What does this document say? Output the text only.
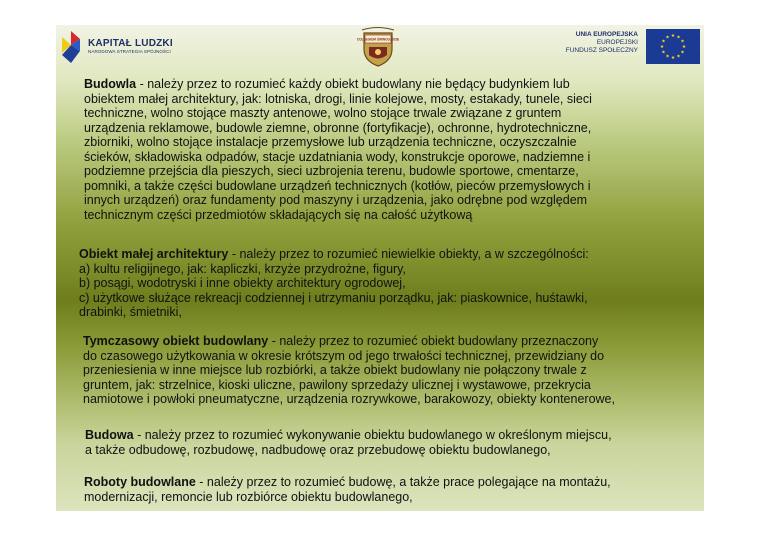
KAPITAŁ LUDZKI
NARODOWA STRATEGIA SPÓJNOŚCI
COLLEGIUM ŚWINOUJŚCIE
UNIA EUROPEJSKA
EUROPEJSKI
FUNDUSZ SPOŁECZNY
Budowla - należy przez to rozumieć każdy obiekt budowlany nie będący budynkiem lub
obiektem małej architektury, jak: lotniska, drogi, linie kolejowe, mosty, estakady, tunele, sieci
techniczne, wolno stojące maszty antenowe, wolno stojące trwale związane z gruntem
urządzenia reklamowe, budowle ziemne, obronne (fortyfikacje), ochronne, hydrotechniczne,
zbiorniki, wolno stojące instalacje przemysłowe lub urządzenia techniczne, oczyszczalnie
ścieków, składowiska odpadów, stacje uzdatniania wody, konstrukcje oporowe, nadziemne i
podziemne przejścia dla pieszych, sieci uzbrojenia terenu, budowle sportowe, cmentarze,
pomniki, a także części budowlane urządzeń technicznych (kotłów, pieców przemysłowych i
innych urządzeń) oraz fundamenty pod maszyny i urządzenia, jako odrębne pod względem
technicznym części przedmiotów składających się na całość użytkową
Obiekt małej architektury - należy przez to rozumieć niewielkie obiekty, a w szczególności:
a) kultu religijnego, jak: kapliczki, krzyże przydrożne, figury,
b) posągi, wodotryski i inne obiekty architektury ogrodowej,
c) użytkowe służące rekreacji codziennej i utrzymaniu porządku, jak: piaskownice, huśtawki,
drabinki, śmietniki,
Tymczasowy obiekt budowlany - należy przez to rozumieć obiekt budowlany przeznaczony
do czasowego użytkowania w okresie krótszym od jego trwałości technicznej, przewidziany do
przeniesienia w inne miejsce lub rozbiórki, a także obiekt budowlany nie połączony trwale z
gruntem, jak: strzelnice, kioski uliczne, pawilony sprzedaży ulicznej i wystawowe, przekrycia
namiotowe i powłoki pneumatyczne, urządzenia rozrywkowe, barakowozy, obiekty kontenerowe,
Budowa - należy przez to rozumieć wykonywanie obiektu budowlanego w określonym miejscu,
a także odbudowę, rozbudowę, nadbudowę oraz przebudowę obiektu budowlanego,
Roboty budowlane - należy przez to rozumieć budowę, a także prace polegające na montażu,
modernizacji, remoncie lub rozbiórce obiektu budowlanego,
